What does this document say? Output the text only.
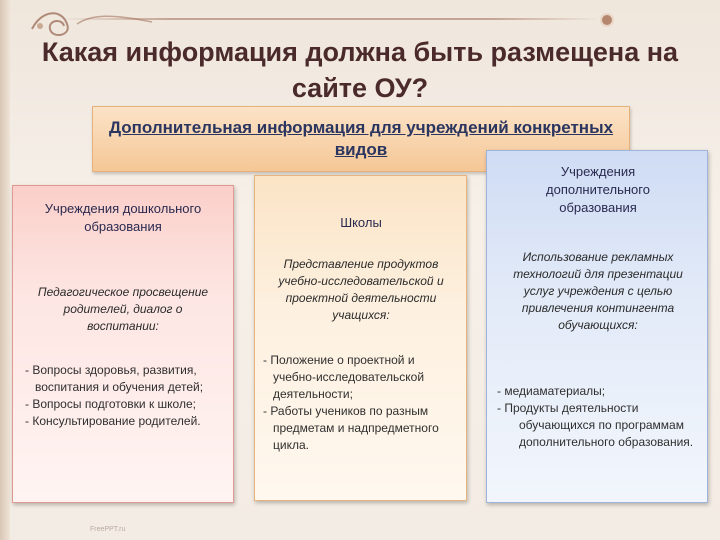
Какая информация должна быть размещена на сайте ОУ?
Дополнительная информация для учреждений конкретных видов
Учреждения дошкольного образования
Педагогическое просвещение родителей, диалог о воспитании:
- Вопросы здоровья, развития, воспитания и обучения детей;
- Вопросы подготовки к школе;
- Консультирование родителей.
Школы
Представление продуктов учебно-исследовательской и проектной деятельности учащихся:
- Положение о проектной и учебно-исследовательской деятельности;
- Работы учеников по разным предметам и надпредметного цикла.
Учреждения дополнительного образования
Использование рекламных технологий для презентации услуг учреждения с целью привлечения контингента обучающихся:
- медиаматериалы;
- Продукты деятельности обучающихся по программам дополнительного образования.
FreePPT.ru
